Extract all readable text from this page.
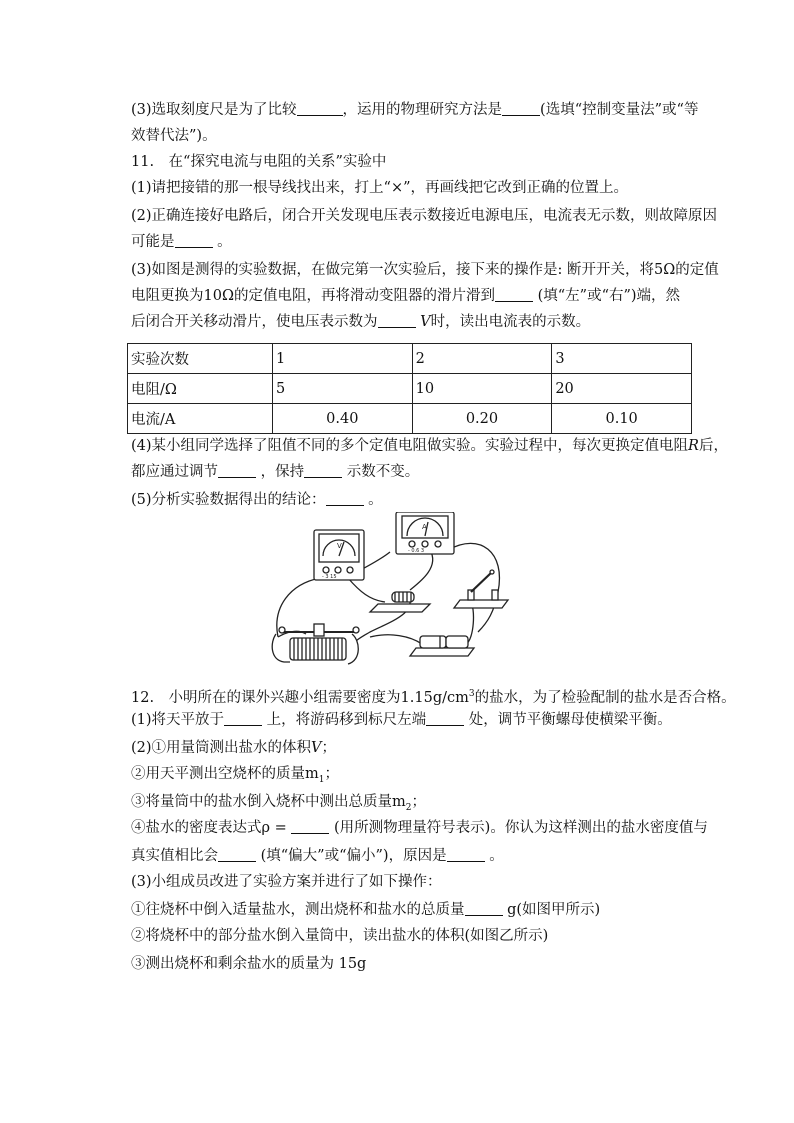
(3)选取刻度尺是为了比较	，运用的物理研究方法是	(选填“控制变量法”或“等
效替代法”)。
11.　在“探究电流与电阻的关系”实验中
(1)请把接错的那一根导线找出来，打上“×”，再画线把它改到正确的位置上。
(2)正确连接好电路后，闭合开关发现电压表示数接近电源电压，电流表无示数，则故障原因
可能是	。
(3)如图是测得的实验数据，在做完第一次实验后，接下来的操作是: 断开开关，将5Ω的定值
电阻更换为10Ω的定值电阻，再将滑动变阻器的滑片滑到	(填“左”或“右”)端，然
后闭合开关移动滑片，使电压表示数为	V时，读出电流表的示数。
实验次数	1	2	3
电阻/Ω	5	10	20
电流/A	0.40	0.20	0.10
(4)某小组同学选择了阻值不同的多个定值电阻做实验。实验过程中，每次更换定值电阻R后，
都应通过调节	，保持	示数不变。
(5)分析实验数据得出的结论：	。
V
- 3 15
A
- 0.6 3
12.　小明所在的课外兴趣小组需要密度为$1.15g/cm^3$的盐水，为了检验配制的盐水是否合格。
(1)将天平放于	上，将游码移到标尺左端	处，调节平衡螺母使横梁平衡。
(2)①用量筒测出盐水的体积V；
②用天平测出空烧杯的质量$m_1$；
③将量筒中的盐水倒入烧杯中测出总质量$m_2$；
④盐水的密度表达式ρ =	(用所测物理量符号表示)。你认为这样测出的盐水密度值与
真实值相比会	(填“偏大”或“偏小”)，原因是	。
(3)小组成员改进了实验方案并进行了如下操作：
①往烧杯中倒入适量盐水，测出烧杯和盐水的总质量	g(如图甲所示)
②将烧杯中的部分盐水倒入量筒中，读出盐水的体积(如图乙所示)
③测出烧杯和剩余盐水的质量为 15g
